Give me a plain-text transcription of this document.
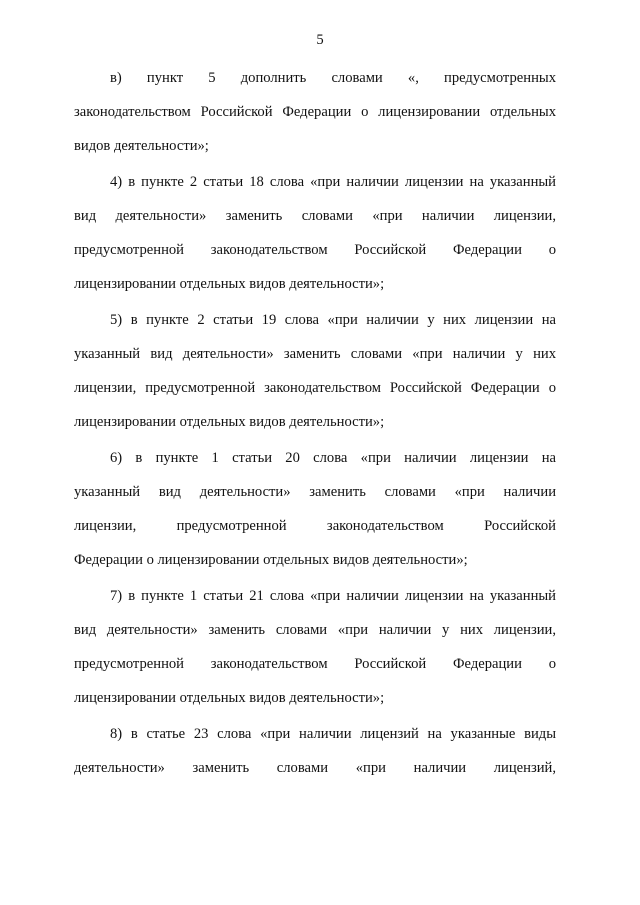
5
в) пункт 5 дополнить словами «, предусмотренных
законодательством Российской Федерации о лицензировании отдельных
видов деятельности»;
4) в пункте 2 статьи 18 слова «при наличии лицензии на указанный
вид деятельности» заменить словами «при наличии лицензии,
предусмотренной законодательством Российской Федерации о
лицензировании отдельных видов деятельности»;
5) в пункте 2 статьи 19 слова «при наличии у них лицензии на
указанный вид деятельности» заменить словами «при наличии у них
лицензии, предусмотренной законодательством Российской Федерации о
лицензировании отдельных видов деятельности»;
6) в пункте 1 статьи 20 слова «при наличии лицензии на
указанный вид деятельности» заменить словами «при наличии
лицензии, предусмотренной законодательством Российской
Федерации о лицензировании отдельных видов деятельности»;
7) в пункте 1 статьи 21 слова «при наличии лицензии на указанный
вид деятельности» заменить словами «при наличии у них лицензии,
предусмотренной законодательством Российской Федерации о
лицензировании отдельных видов деятельности»;
8) в статье 23 слова «при наличии лицензий на указанные виды
деятельности» заменить словами «при наличии лицензий,
